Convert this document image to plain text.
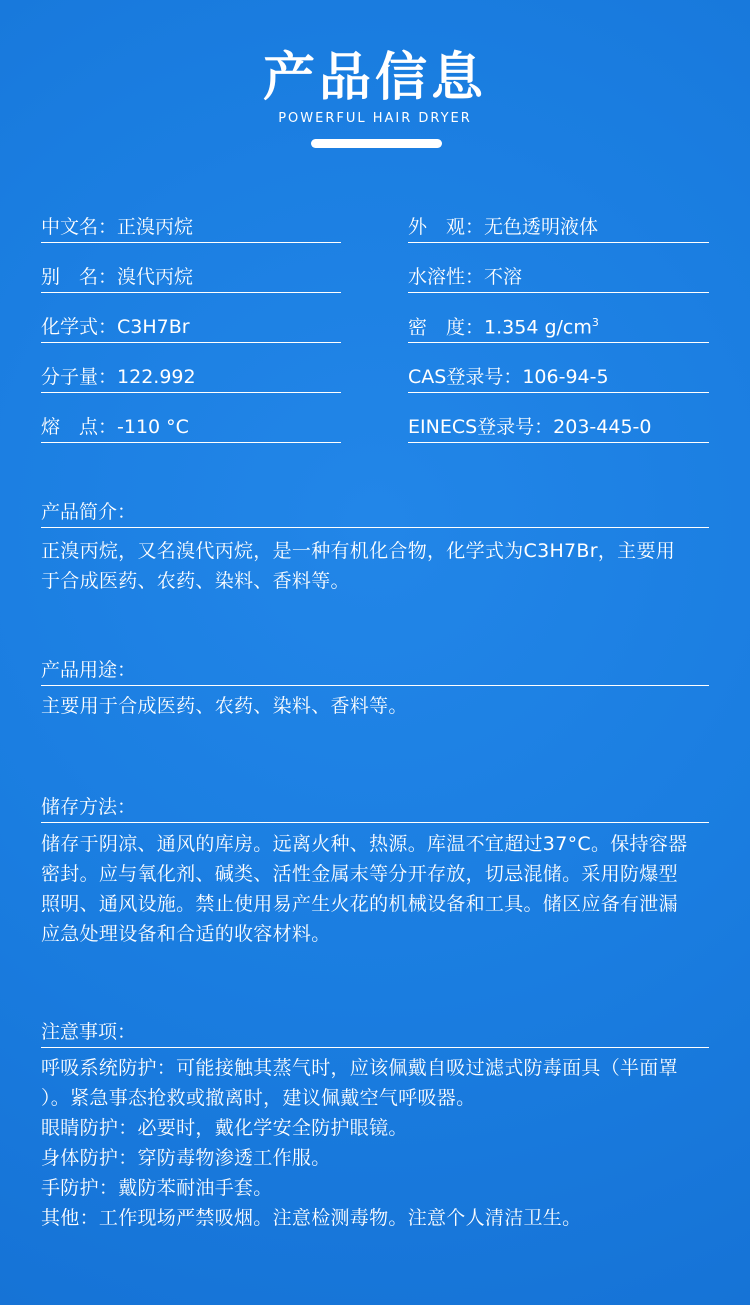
产品信息
POWERFUL HAIR DRYER
中文名：正溴丙烷
别　名：溴代丙烷
化学式：C3H7Br
分子量：122.992
熔　点：-110 °C
外　观：无色透明液体
水溶性：不溶
密　度：1.354 $g/cm^3$
CAS登录号：106-94-5
EINECS登录号：203-445-0
产品简介：

正溴丙烷，又名溴代丙烷，是一种有机化合物，化学式为C3H7Br，主要用

于合成医药、农药、染料、香料等。

产品用途：

主要用于合成医药、农药、染料、香料等。

储存方法：

储存于阴凉、通风的库房。远离火种、热源。库温不宜超过37°C。保持容器

密封。应与氧化剂、碱类、活性金属末等分开存放，切忌混储。采用防爆型

照明、通风设施。禁止使用易产生火花的机械设备和工具。储区应备有泄漏

应急处理设备和合适的收容材料。

注意事项：

呼吸系统防护：可能接触其蒸气时，应该佩戴自吸过滤式防毒面具（半面罩

）。紧急事态抢救或撤离时，建议佩戴空气呼吸器。

眼睛防护：必要时，戴化学安全防护眼镜。

身体防护：穿防毒物渗透工作服。

手防护：戴防苯耐油手套。

其他：工作现场严禁吸烟。注意检测毒物。注意个人清洁卫生。
